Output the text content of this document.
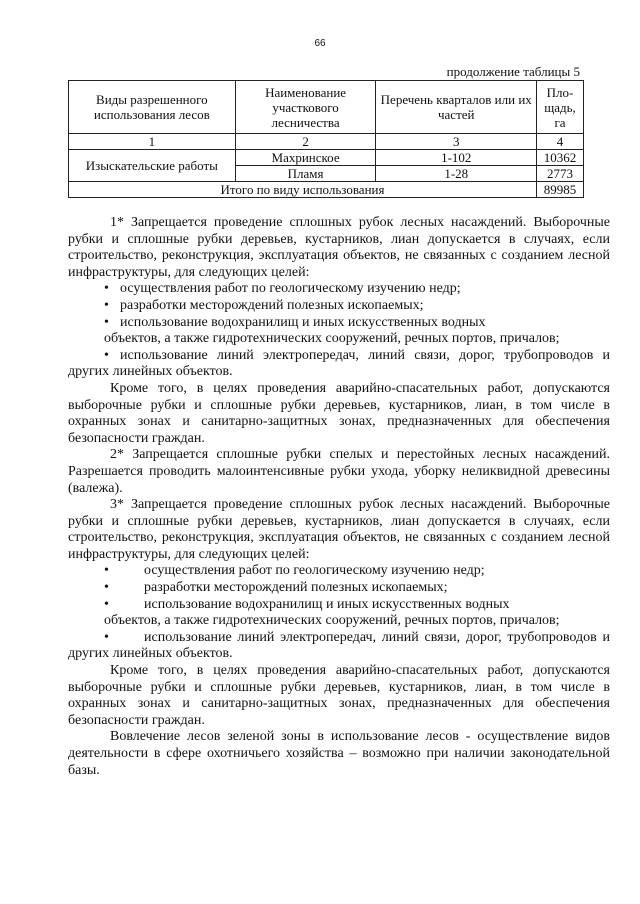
66
продолжение таблицы 5
Виды разрешенного использования лесов	Наименование участкового лесничества	Перечень кварталов или их частей	Пло-щадь, га
1	2	3	4
Изыскательские работы	Махринское	1-102	10362
	Пламя	1-28	2773
Итого по виду использования			89985

1* Запрещается проведение сплошных рубок лесных насаждений. Выборочные рубки и сплошные рубки деревьев, кустарников, лиан допускается в случаях, если строительство, реконструкция, эксплуатация объектов, не связанных с созданием лесной инфраструктуры, для следующих целей:

• осуществления работ по геологическому изучению недр;

• разработки месторождений полезных ископаемых;

• использование водохранилищ и иных искусственных водных

объектов, а также гидротехнических сооружений, речных портов, причалов;

• использование линий электропередач, линий связи, дорог, трубопроводов и других линейных объектов.

Кроме того, в целях проведения аварийно-спасательных работ, допускаются выборочные рубки и сплошные рубки деревьев, кустарников, лиан, в том числе в охранных зонах и санитарно-защитных зонах, предназначенных для обеспечения безопасности граждан.

2* Запрещается сплошные рубки спелых и перестойных лесных насаждений. Разрешается проводить малоинтенсивные рубки ухода, уборку неликвидной древесины (валежа).

3* Запрещается проведение сплошных рубок лесных насаждений. Выборочные рубки и сплошные рубки деревьев, кустарников, лиан допускается в случаях, если строительство, реконструкция, эксплуатация объектов, не связанных с созданием лесной инфраструктуры, для следующих целей:

•	осуществления работ по геологическому изучению недр;

•	разработки месторождений полезных ископаемых;

•	использование водохранилищ и иных искусственных водных

объектов, а также гидротехнических сооружений, речных портов, причалов;

•	использование линий электропередач, линий связи, дорог, трубопроводов и других линейных объектов.

Кроме того, в целях проведения аварийно-спасательных работ, допускаются выборочные рубки и сплошные рубки деревьев, кустарников, лиан, в том числе в охранных зонах и санитарно-защитных зонах, предназначенных для обеспечения безопасности граждан.

Вовлечение лесов зеленой зоны в использование лесов - осуществление видов деятельности в сфере охотничьего хозяйства – возможно при наличии законодательной базы.
